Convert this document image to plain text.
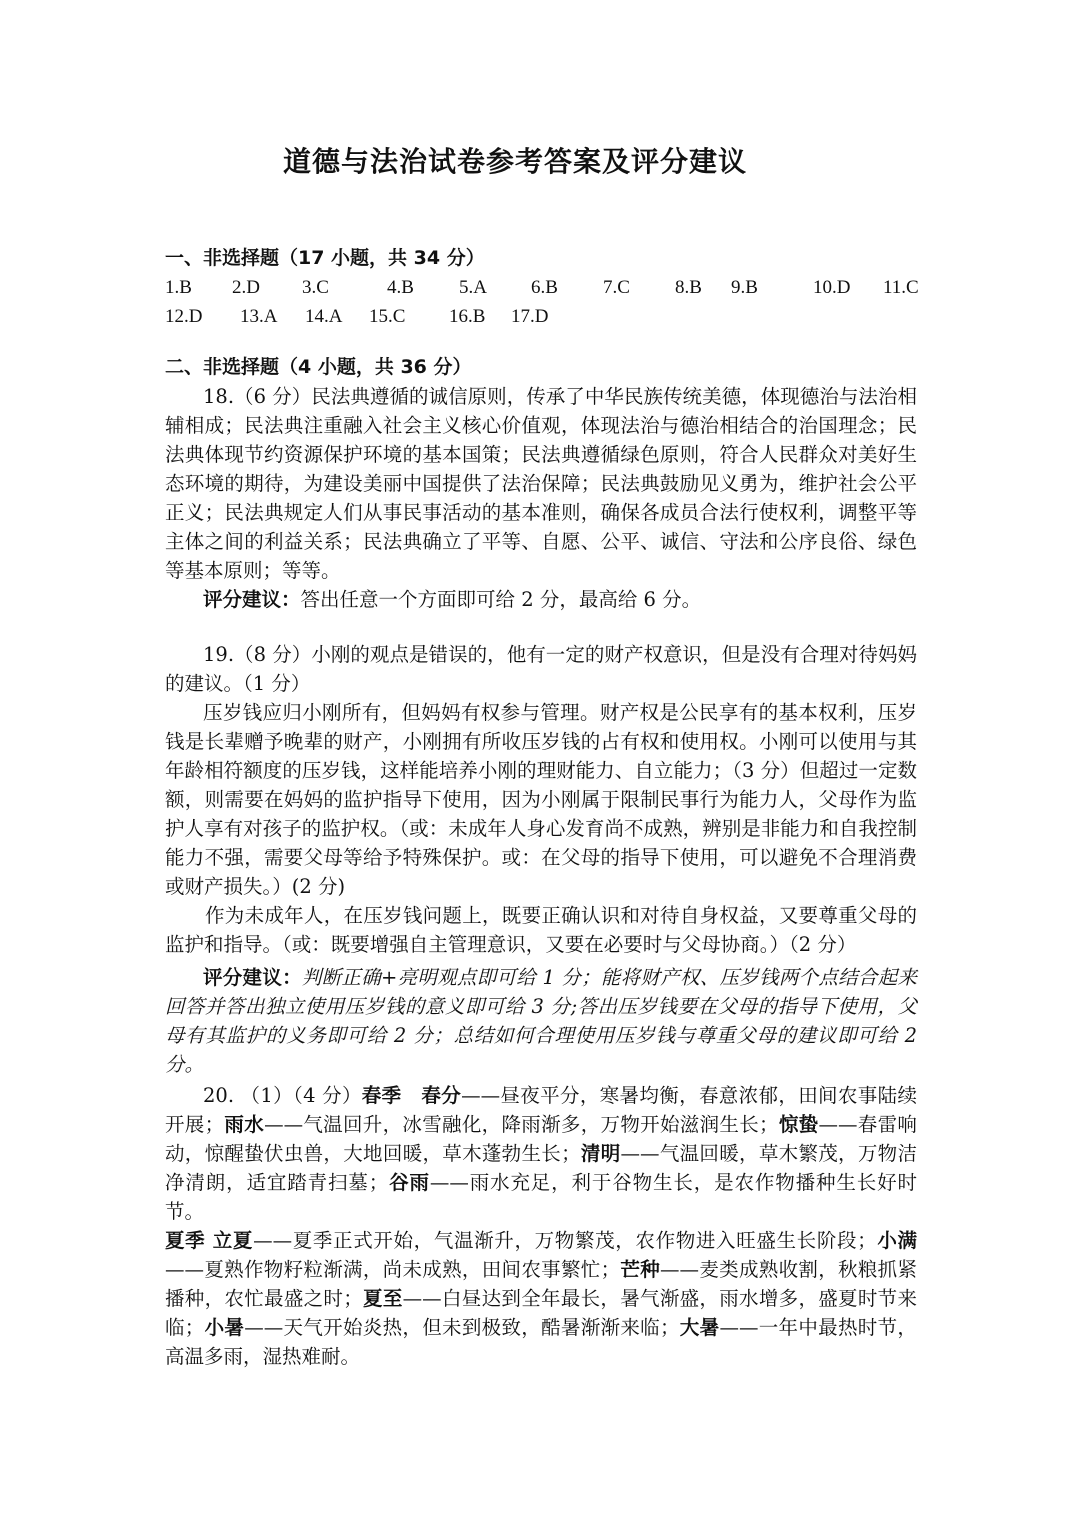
道德与法治试卷参考答案及评分建议
一、非选择题（17 小题，共 34 分）
1.B 2.D 3.C	4.B 5.A 6.B 7.C 8.B 9.B	10.D 11.C
12.D 13.A 14.A 15.C 16.B 17.D
二、非选择题（4 小题，共 36 分）

18.（6 分）民法典遵循的诚信原则，传承了中华民族传统美德，体现德治与法治相辅相成；民法典注重融入社会主义核心价值观，体现法治与德治相结合的治国理念；民法典体现节约资源保护环境的基本国策；民法典遵循绿色原则，符合人民群众对美好生态环境的期待，为建设美丽中国提供了法治保障；民法典鼓励见义勇为，维护社会公平正义；民法典规定人们从事民事活动的基本准则，确保各成员合法行使权利，调整平等主体之间的利益关系；民法典确立了平等、自愿、公平、诚信、守法和公序良俗、绿色等基本原则；等等。

评分建议：答出任意一个方面即可给 2 分，最高给 6 分。

19.（8 分）小刚的观点是错误的，他有一定的财产权意识，但是没有合理对待妈妈的建议。（1 分）

压岁钱应归小刚所有，但妈妈有权参与管理。财产权是公民享有的基本权利，压岁钱是长辈赠予晚辈的财产，小刚拥有所收压岁钱的占有权和使用权。小刚可以使用与其年龄相符额度的压岁钱，这样能培养小刚的理财能力、自立能力；（3 分）但超过一定数额，则需要在妈妈的监护指导下使用，因为小刚属于限制民事行为能力人，父母作为监护人享有对孩子的监护权。（或：未成年人身心发育尚不成熟，辨别是非能力和自我控制能力不强，需要父母等给予特殊保护。或：在父母的指导下使用，可以避免不合理消费或财产损失。）(2 分)

作为未成年人，在压岁钱问题上，既要正确认识和对待自身权益，又要尊重父母的监护和指导。（或：既要增强自主管理意识，又要在必要时与父母协商。）（2 分）

评分建议：判断正确+亮明观点即可给 1 分；能将财产权、压岁钱两个点结合起来回答并答出独立使用压岁钱的意义即可给 3 分;答出压岁钱要在父母的指导下使用，父母有其监护的义务即可给 2 分；总结如何合理使用压岁钱与尊重父母的建议即可给 2 分。

20. （1）（4 分）春季　春分——昼夜平分，寒暑均衡，春意浓郁，田间农事陆续开展；雨水——气温回升，冰雪融化，降雨渐多，万物开始滋润生长；惊蛰——春雷响动，惊醒蛰伏虫兽，大地回暖，草木蓬勃生长；清明——气温回暖，草木繁茂，万物洁净清朗，适宜踏青扫墓；谷雨——雨水充足，利于谷物生长，是农作物播种生长好时节。

夏季 立夏——夏季正式开始，气温渐升，万物繁茂，农作物进入旺盛生长阶段；小满——夏熟作物籽粒渐满，尚未成熟，田间农事繁忙；芒种——麦类成熟收割，秋粮抓紧播种，农忙最盛之时；夏至——白昼达到全年最长，暑气渐盛，雨水增多，盛夏时节来临；小暑——天气开始炎热，但未到极致，酷暑渐渐来临；大暑——一年中最热时节，高温多雨，湿热难耐。
